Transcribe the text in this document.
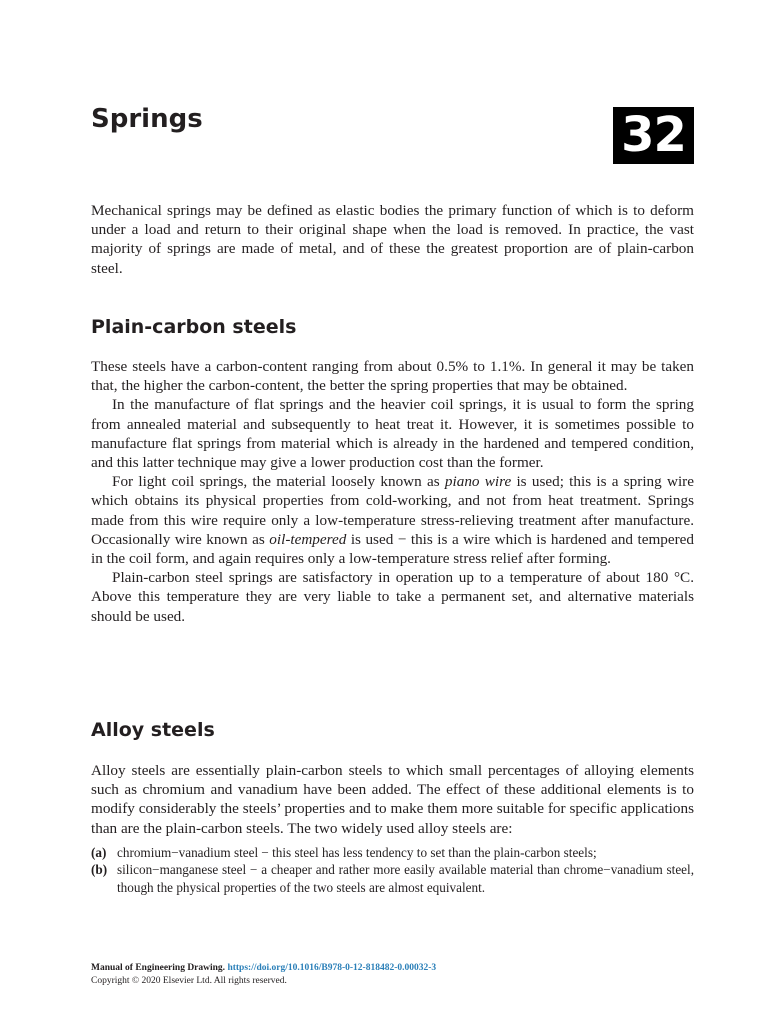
Springs	32

Mechanical springs may be defined as elastic bodies the primary function of which is to deform under a load and return to their original shape when the load is removed. In practice, the vast majority of springs are made of metal, and of these the greatest proportion are of plain-carbon steel.

Plain-carbon steels

These steels have a carbon-content ranging from about 0.5% to 1.1%. In general it may be taken that, the higher the carbon-content, the better the spring properties that may be obtained.

In the manufacture of flat springs and the heavier coil springs, it is usual to form the spring from annealed material and subsequently to heat treat it. However, it is sometimes possible to manufacture flat springs from material which is already in the hardened and tempered condition, and this latter technique may give a lower production cost than the former.

For light coil springs, the material loosely known as piano wire is used; this is a spring wire which obtains its physical properties from cold-working, and not from heat treatment. Springs made from this wire require only a low-temperature stress-relieving treatment after manufacture. Occasionally wire known as oil-tempered is used − this is a wire which is hardened and tempered in the coil form, and again requires only a low-temperature stress relief after forming.

Plain-carbon steel springs are satisfactory in operation up to a temperature of about 180 °C. Above this temperature they are very liable to take a permanent set, and alternative materials should be used.

Alloy steels

Alloy steels are essentially plain-carbon steels to which small percentages of alloying elements such as chromium and vanadium have been added. The effect of these additional elements is to modify considerably the steels’ properties and to make them more suitable for specific applications than are the plain-carbon steels. The two widely used alloy steels are:

(a) chromium−vanadium steel − this steel has less tendency to set than the plain-carbon steels;
(b) silicon−manganese steel − a cheaper and rather more easily available material than chrome−vanadium steel, though the physical properties of the two steels are almost equivalent.
Manual of Engineering Drawing. https://doi.org/10.1016/B978-0-12-818482-0.00032-3
Copyright © 2020 Elsevier Ltd. All rights reserved.
